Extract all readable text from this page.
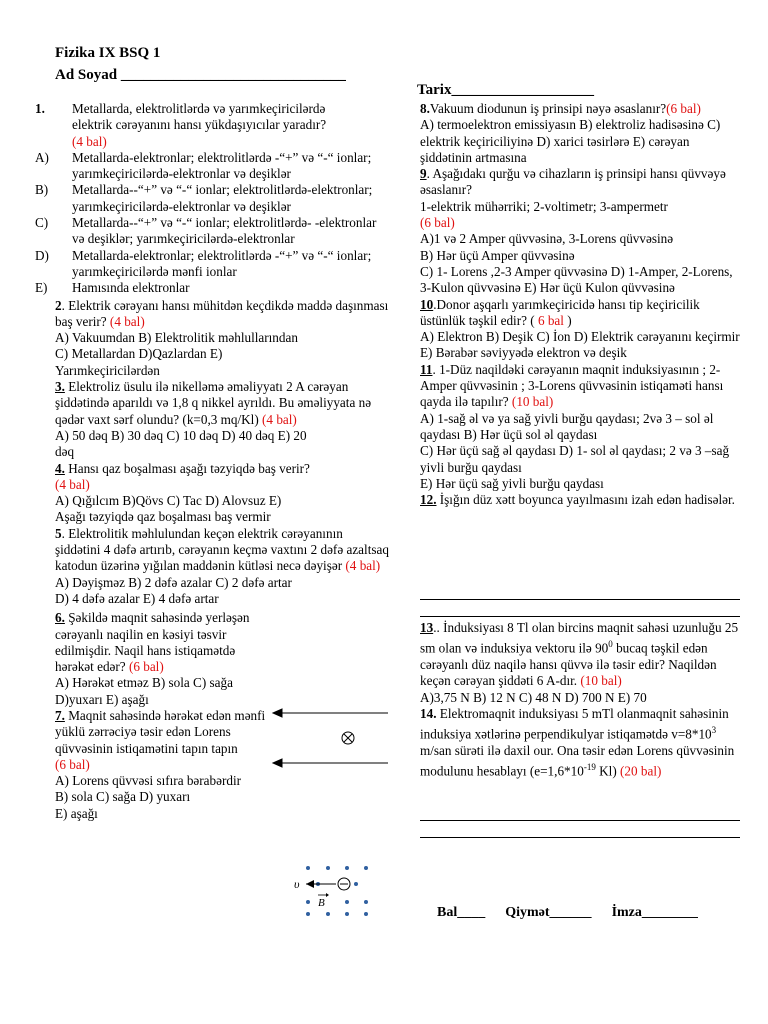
Fizika IX BSQ 1
Ad Soyad ______________________________
Tarix___________________
1.	Metallarda, elektrolitlərdə və yarımkeçiricilərdə
elektrik cərəyanını hansı yükdaşıyıcılar yaradır?
(4 bal)
A)	Metallarda-elektronlar; elektrolitlərdə -“+” və “-“ ionlar; yarımkeçiricilərdə-elektronlar və deşiklər
B)	Metallarda--“+” və “-“ ionlar; elektrolitlərdə-elektronlar; yarımkeçiricilərdə-elektronlar və deşiklər
C)	Metallarda--“+” və “-“ ionlar; elektrolitlərdə- -elektronlar və deşiklər; yarımkeçiricilərdə-elektronlar
D)	Metallarda-elektronlar; elektrolitlərdə -“+” və “-“ ionlar; yarımkeçiricilərdə mənfi ionlar
E)	Hamısında elektronlar
2. Elektrik cərəyanı hansı mühitdən keçdikdə maddə daşınması baş verir? (4 bal)
A) Vakuumdan B) Elektrolitik məhlullarından
C) Metallardan D)Qazlardan E)
Yarımkeçiricilərdən
3. Elektroliz üsulu ilə nikelləmə əməliyyatı 2 A cərəyan şiddətində aparıldı və 1,8 q nikkel ayrıldı. Bu əməliyyata nə qədər vaxt sərf olundu? (k=0,3 mq/Kl) (4 bal)
A) 50 dəq B) 30 dəq C) 10 dəq D) 40 dəq E) 20
dəq
4. Hansı qaz boşalması aşağı təzyiqdə baş verir?
(4 bal)
A) Qığılcım B)Qövs C) Tac D) Alovsuz E)
Aşağı təzyiqdə qaz boşalması baş vermir
5. Elektrolitik məhlulundan keçən elektrik cərəyanının şiddətini 4 dəfə artırıb, cərəyanın keçmə vaxtını 2 dəfə azaltsaq katodun üzərinə yığılan maddənin kütləsi necə dəyişər (4 bal)
A) Dəyişməz B) 2 dəfə azalar C) 2 dəfə artar
D) 4 dəfə azalar E) 4 dəfə artar
6. Şəkildə maqnit sahəsində yerləşən cərəyanlı naqilin en kəsiyi təsvir edilmişdir. Naqil hans istiqamətdə hərəkət edər? (6 bal)
A) Hərəkət etməz B) sola C) sağa
D)yuxarı E) aşağı
7. Maqnit sahəsində hərəkət edən mənfi yüklü zərrəciyə təsir edən Lorens
qüvvəsinin istiqamətini tapın tapın
(6 bal)
A) Lorens qüvvəsi sıfıra bərabərdir
B) sola C) sağa D) yuxarı
E) aşağı
υ
B
8.Vakuum diodunun iş prinsipi nəyə əsaslanır?(6 bal)
A) termoelektron emissiyasın B) elektroliz hadisəsinə C) elektrik keçiriciliyinə D) xarici təsirlərə E) cərəyan şiddətinin artmasına
9. Aşağıdakı qurğu və cihazların iş prinsipi hansı qüvvəyə əsaslanır?
1-elektrik mühərriki; 2-voltimetr; 3-ampermetr
(6 bal)
A)1 və 2 Amper qüvvəsinə, 3-Lorens qüvvəsinə
B) Hər üçü Amper qüvvəsinə
C) 1- Lorens ,2-3 Amper qüvvəsinə D) 1-Amper, 2-Lorens, 3-Kulon qüvvəsinə E) Hər üçü Kulon qüvvəsinə
10.Donor aşqarlı yarımkeçiricidə hansı tip keçiricilik üstünlük təşkil edir? ( 6 bal )
A) Elektron B) Deşik C) İon D) Elektrik cərəyanını keçirmir E) Bərabər səviyyədə elektron və deşik
11. 1-Düz naqildəki cərəyanın maqnit induksiyasının ; 2-Amper qüvvəsinin ; 3-Lorens qüvvəsinin istiqaməti hansı qayda ilə tapılır? (10 bal)
A) 1-sağ əl və ya sağ yivli burğu qaydası; 2və 3 – sol əl qaydası B) Hər üçü sol əl qaydası
C) Hər üçü sağ əl qaydası D) 1- sol əl qaydası; 2 və 3 –sağ yivli burğu qaydası
E) Hər üçü sağ yivli burğu qaydası
12. İşığın düz xətt boyunca yayılmasını izah edən hadisələr.
13.. İnduksiyası 8 Tl olan bircins maqnit sahəsi uzunluğu 25 sm olan və induksiya vektoru ilə $90^0$ bucaq təşkil edən cərəyanlı düz naqilə hansı qüvvə ilə təsir edir? Naqildən keçən cərəyan şiddəti 6 A-dır. (10 bal)
A)3,75 N B) 12 N C) 48 N D) 700 N E) 70
14. Elektromaqnit induksiyası 5 mTl olanmaqnit sahəsinin induksiya xətlərinə perpendikulyar istiqamətdə $v=8*10^3$ m/san sürəti ilə daxil our. Ona təsir edən Lorens qüvvəsinin modulunu hesablayı ($e=1,6*10^{-19}$ Kl) (20 bal)
Bal____ Qiymət______ İmza________
